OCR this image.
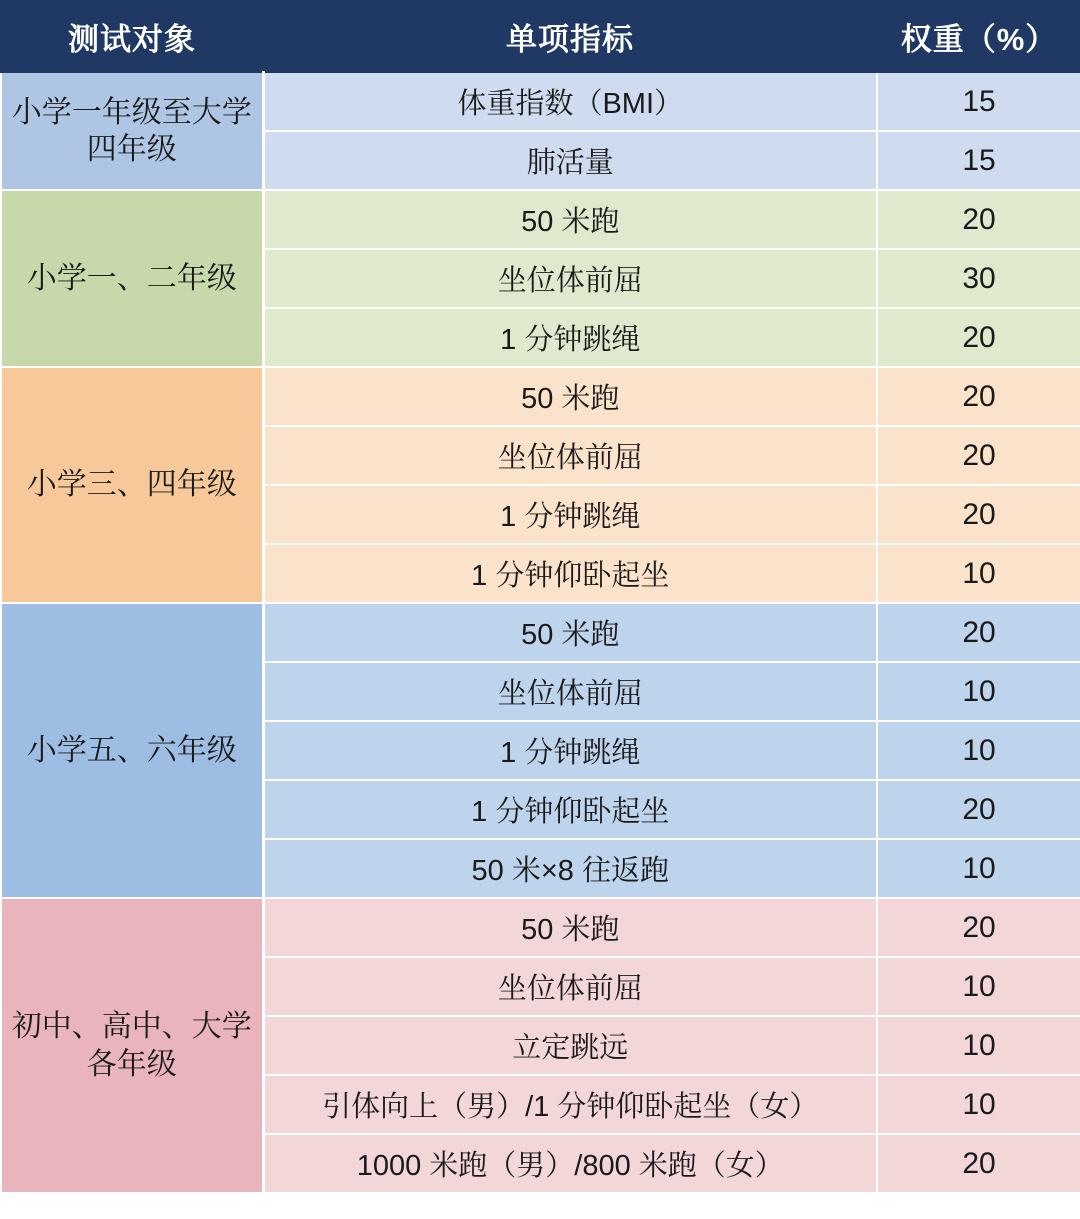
测试对象	单项指标	权重（%）
小学一年级至大学四年级	体重指数（BMI）	15
	肺活量	15
小学一、二年级	50 米跑	20
	坐位体前屈	30
	1 分钟跳绳	20
小学三、四年级	50 米跑	20
	坐位体前屈	20
	1 分钟跳绳	20
	1 分钟仰卧起坐	10
小学五、六年级	50 米跑	20
	坐位体前屈	10
	1 分钟跳绳	10
	1 分钟仰卧起坐	20
	50 米×8 往返跑	10
初中、高中、大学各年级	50 米跑	20
	坐位体前屈	10
	立定跳远	10
	引体向上（男）/1 分钟仰卧起坐（女）	10
	1000 米跑（男）/800 米跑（女）	20
